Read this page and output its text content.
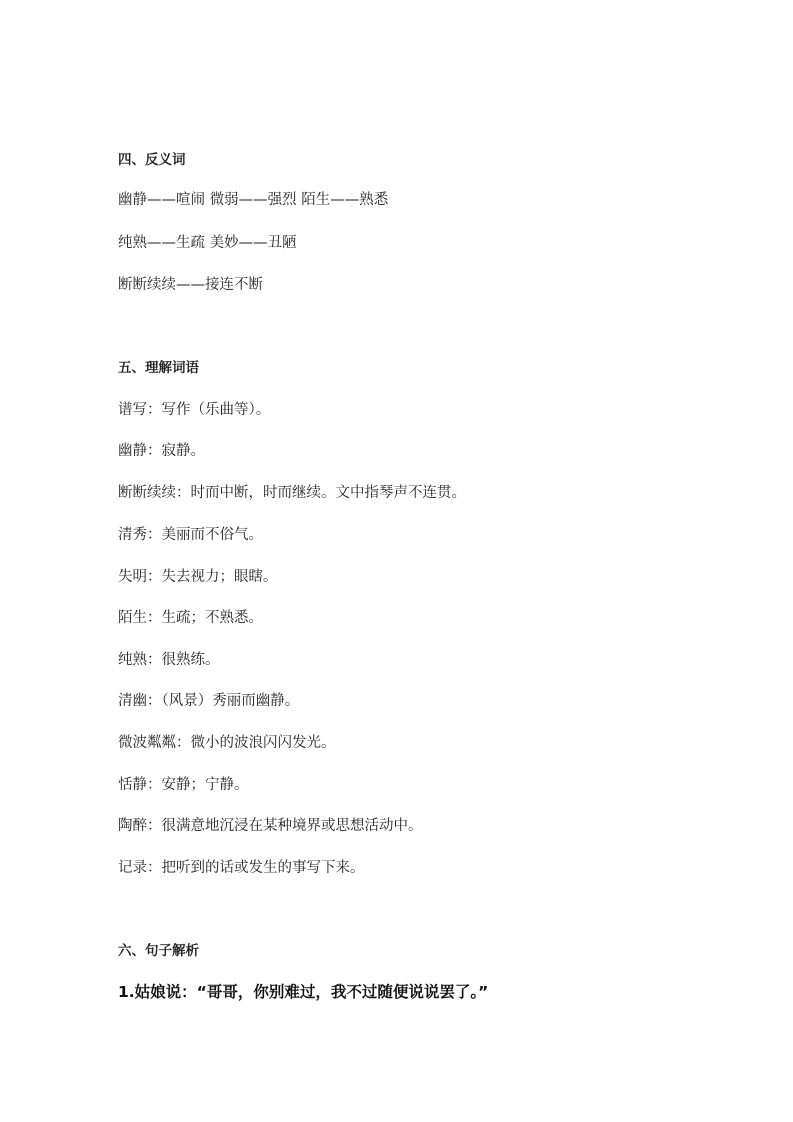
四、反义词
幽静——喧闹 微弱——强烈 陌生——熟悉
纯熟——生疏 美妙——丑陋
断断续续——接连不断
五、理解词语
谱写：写作（乐曲等）。
幽静：寂静。
断断续续：时而中断，时而继续。文中指琴声不连贯。
清秀：美丽而不俗气。
失明：失去视力；眼瞎。
陌生：生疏；不熟悉。
纯熟：很熟练。
清幽：（风景）秀丽而幽静。
微波粼粼：微小的波浪闪闪发光。
恬静：安静；宁静。
陶醉：很满意地沉浸在某种境界或思想活动中。
记录：把听到的话或发生的事写下来。
六、句子解析
1.姑娘说：“哥哥，你别难过，我不过随便说说罢了。”
